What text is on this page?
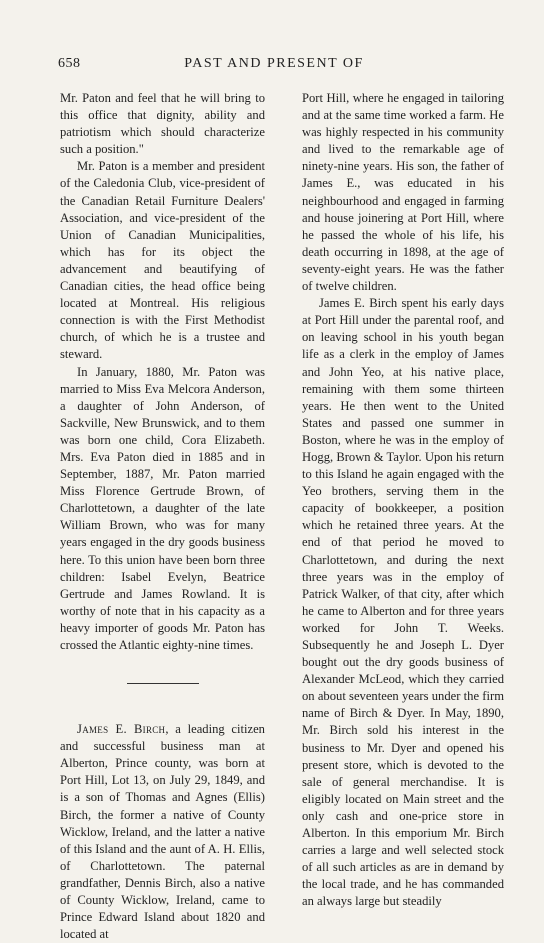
658	PAST AND PRESENT OF

Mr. Paton and feel that he will bring to this office that dignity, ability and patriotism which should characterize such a position."

Mr. Paton is a member and president of the Caledonia Club, vice-president of the Canadian Retail Furniture Dealers' Association, and vice-president of the Union of Canadian Municipalities, which has for its object the advancement and beautifying of Canadian cities, the head office being located at Montreal. His religious connection is with the First Methodist church, of which he is a trustee and steward.

In January, 1880, Mr. Paton was married to Miss Eva Melcora Anderson, a daughter of John Anderson, of Sackville, New Brunswick, and to them was born one child, Cora Elizabeth. Mrs. Eva Paton died in 1885 and in September, 1887, Mr. Paton married Miss Florence Gertrude Brown, of Charlottetown, a daughter of the late William Brown, who was for many years engaged in the dry goods business here. To this union have been born three children: Isabel Evelyn, Beatrice Gertrude and James Rowland. It is worthy of note that in his capacity as a heavy importer of goods Mr. Paton has crossed the Atlantic eighty-nine times.

James E. Birch, a leading citizen and successful business man at Alberton, Prince county, was born at Port Hill, Lot 13, on July 29, 1849, and is a son of Thomas and Agnes (Ellis) Birch, the former a native of County Wicklow, Ireland, and the latter a native of this Island and the aunt of A. H. Ellis, of Charlottetown. The paternal grandfather, Dennis Birch, also a native of County Wicklow, Ireland, came to Prince Edward Island about 1820 and located at

Port Hill, where he engaged in tailoring and at the same time worked a farm. He was highly respected in his community and lived to the remarkable age of ninety-nine years. His son, the father of James E., was educated in his neighbourhood and engaged in farming and house joinering at Port Hill, where he passed the whole of his life, his death occurring in 1898, at the age of seventy-eight years. He was the father of twelve children.

James E. Birch spent his early days at Port Hill under the parental roof, and on leaving school in his youth began life as a clerk in the employ of James and John Yeo, at his native place, remaining with them some thirteen years. He then went to the United States and passed one summer in Boston, where he was in the employ of Hogg, Brown & Taylor. Upon his return to this Island he again engaged with the Yeo brothers, serving them in the capacity of bookkeeper, a position which he retained three years. At the end of that period he moved to Charlottetown, and during the next three years was in the employ of Patrick Walker, of that city, after which he came to Alberton and for three years worked for John T. Weeks. Subsequently he and Joseph L. Dyer bought out the dry goods business of Alexander McLeod, which they carried on about seventeen years under the firm name of Birch & Dyer. In May, 1890, Mr. Birch sold his interest in the business to Mr. Dyer and opened his present store, which is devoted to the sale of general merchandise. It is eligibly located on Main street and the only cash and one-price store in Alberton. In this emporium Mr. Birch carries a large and well selected stock of all such articles as are in demand by the local trade, and he has commanded an always large but steadily
